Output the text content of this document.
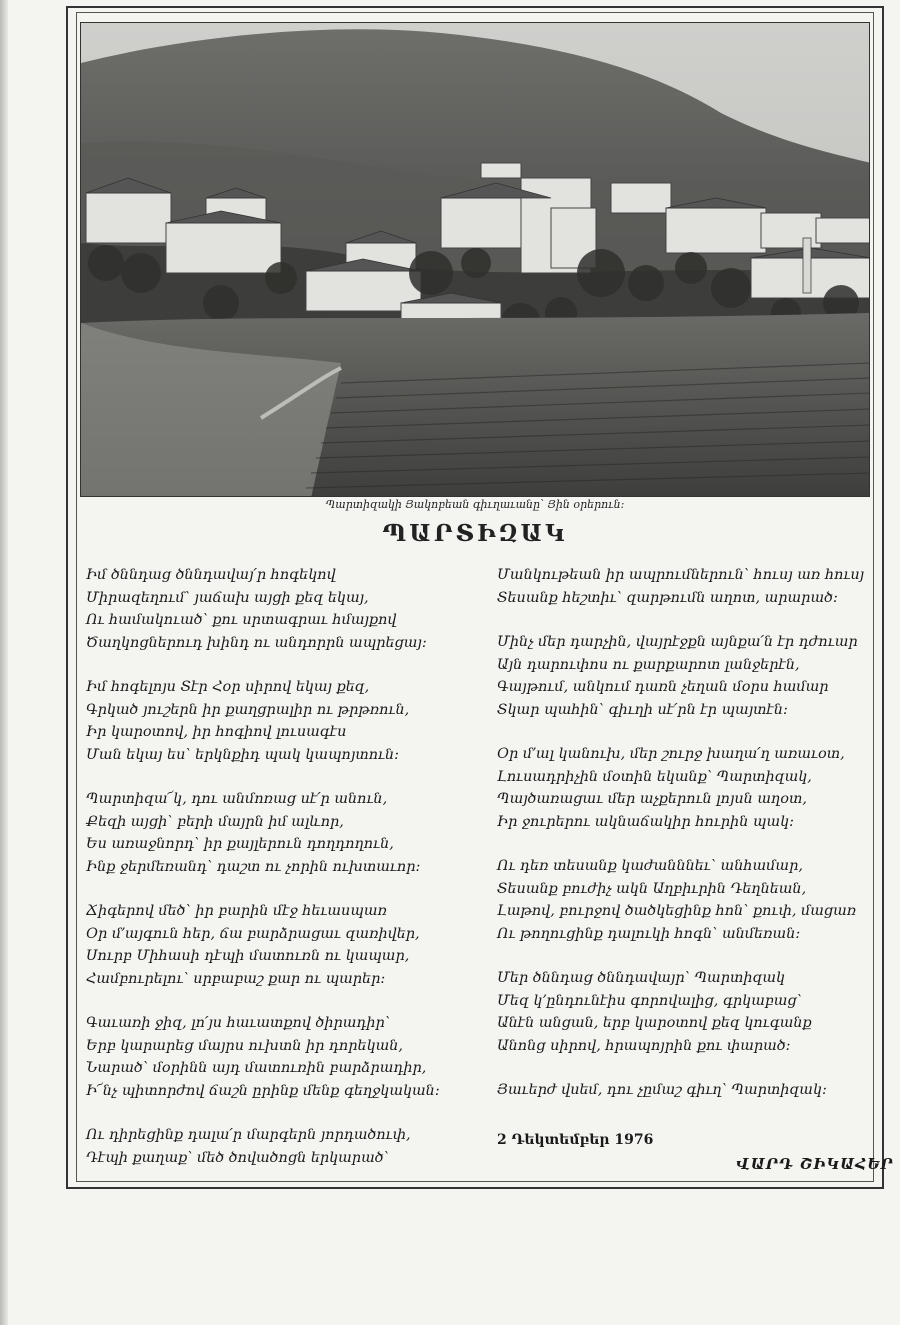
Պարտիզակի Յակոբեան գիւղաւանը՝ Յին օրերուն:
ՊԱՐՏԻԶԱԿ
Իմ ծննդաց ծննդավայ՛ր հոգեկով
Միրազեղում՝ յաճախ այցի քեզ եկայ,
Ու համակուած՝ քու սրտագրաւ հմայքով
Ծաղկոցներուդ խինդ ու անդորրն ապրեցայ:
Իմ հոգելոյս Տէր Հօր սիրով եկայ քեզ,
Գրկած յուշերն իր քաղցրալիր ու թրթռուն,
Իր կարօտով, իր հոգիով լուսագէս
Ման եկայ ես՝ երկնքիդ պակ կապոյտուն:
Պարտիզա՜կ, դու անմոռաց սէ՛ր անուն,
Քեզի այցի՝ բերի մայրն իմ ալևոր,
Ես առաջնորդ՝ իր քայլերուն դողդողուն,
Ինք ջերմեռանդ՝ դաշտ ու չորին ուխտաւոր:
Ճիգերով մեծ՝ իր բարին մէջ հեւասպառ
Օր մ՚այգուն հեր, ճա բարձրացաւ զառիվեր,
Սուրբ Միհասի դէպի մատուռն ու կապար,
Համբուրելու՝ սրբաբաշ քար ու պարեր:
Գաւառի ջիզ, լո՛յս հաւատքով ծիրադիր՝
Երբ կարարեց մայրս ուխտն իր դորեկան,
Նարած՝ մօրինն այդ մատուռին բարձրադիր,
Ի՜նչ պիտորժով ճաշն ըրինք մենք գեղջկական:
Ու դիրեցինք դալա՛ր մարգերն յորդածուփ,
Դէպի քաղաք՝ մեծ ծովածոցն երկարած՝
Մանկութեան իր ապրումներուն՝ հուսյ առ հուսյ
Տեսանք հեշտիւ՝ զարթումն աղոտ, արարած:
Մինչ մեր դարչին, վայրէջքն այնքա՛ն էր դժուար
Այն դարուփոս ու քարքարոտ լանջերէն,
Գայթում, անկում դառն չեղան մօրս համար
Տկար պահին՝ գիւղի սէ՛րն էր պայտէն:
Օր մ՚ալ կանուխ, մեր շուրջ խաղա՛ղ առաւօտ,
Լուսադրիչին մօտին եկանք՝ Պարտիզակ,
Պայծառացաւ մեր աչքերուն լոյսն աղօտ,
Իր ջուրերու ակնաճակիր հուրին պակ:
Ու դեռ տեսանք կաժանննեւ՝ անհամար,
Տեսանք բուժիչ ակն Աղբիւրին Դեղնեան,
Լաթով, բուրջով ծածկեցինք հոն՝ քուփ, մացառ
Ու թողուցինք դալուկի հոգն՝ անմեռան:
Մեր ծննդաց ծննդավայր՝ Պարտիզակ
Մեզ կ՚ընդունէիս գորովալից, գրկաբաց՝
Անէն անցան, երբ կարօտով քեզ կուգանք
Անոնց սիրով, հրապոյրին քու փարած:
Յաւերժ վսեմ, դու չըմաշ գիւղ՝ Պարտիզակ:
2 Դեկտեմբեր 1976
ՎԱՐԴ ՇԻԿԱՀԵՐ
